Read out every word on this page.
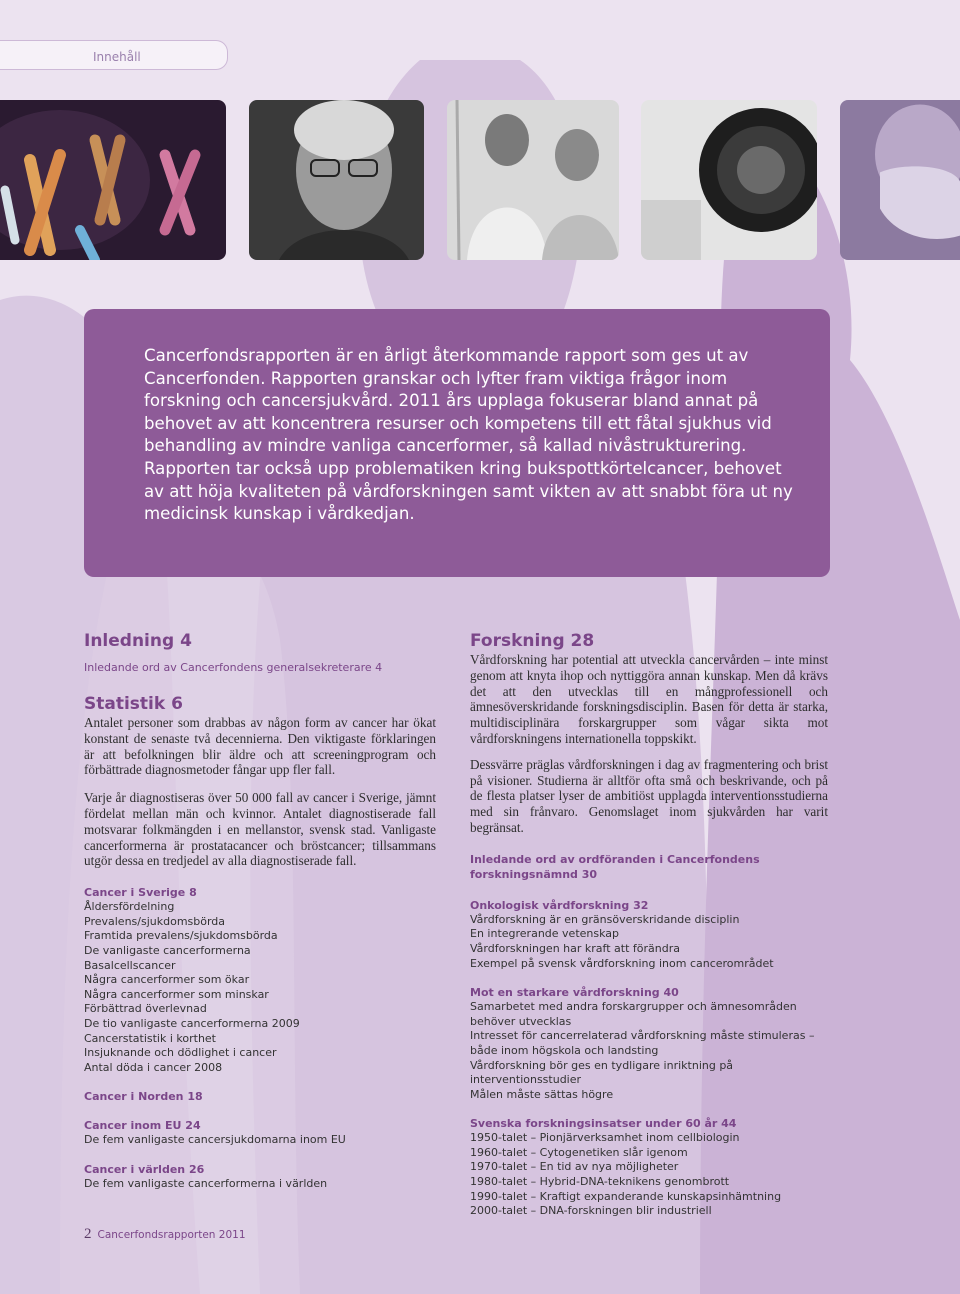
Innehåll

Cancerfondsrapporten är en årligt återkommande rapport som ges ut av Cancerfonden. Rapporten granskar och lyfter fram viktiga frågor inom forskning och cancersjukvård. 2011 års upplaga fokuserar bland annat på behovet av att koncentrera resurser och kompetens till ett fåtal sjukhus vid behandling av mindre vanliga cancerformer, så kallad nivåstrukturering. Rapporten tar också upp problematiken kring bukspottkörtelcancer, behovet av att höja kvaliteten på vårdforskningen samt vikten av att snabbt föra ut ny medicinsk kunskap i vårdkedjan.

Inledning 4
Inledande ord av Cancerfondens generalsekreterare 4
Statistik 6

Antalet personer som drabbas av någon form av cancer har ökat konstant de senaste två decennierna. Den viktigaste förklaringen är att befolkningen blir äldre och att screeningprogram och förbättrade diagnosmetoder fångar upp fler fall.

Varje år diagnostiseras över 50 000 fall av cancer i Sverige, jämnt fördelat mellan män och kvinnor. Antalet diagnostiserade fall motsvarar folkmängden i en mellanstor, svensk stad. Vanligaste cancerformerna är prostatacancer och bröstcancer; tillsammans utgör dessa en tredjedel av alla diagnostiserade fall.

Cancer i Sverige 8
Åldersfördelning
Prevalens/sjukdomsbörda
Framtida prevalens/sjukdomsbörda
De vanligaste cancerformerna
Basalcellscancer
Några cancerformer som ökar
Några cancerformer som minskar
Förbättrad överlevnad
De tio vanligaste cancerformerna 2009
Cancerstatistik i korthet
Insjuknande och dödlighet i cancer
Antal döda i cancer 2008
Cancer i Norden 18
Cancer inom EU 24
De fem vanligaste cancersjukdomarna inom EU
Cancer i världen 26
De fem vanligaste cancerformerna i världen
Forskning 28

Vårdforskning har potential att utveckla cancervården – inte minst genom att knyta ihop och nyttiggöra annan kunskap. Men då krävs det att den utvecklas till en mångprofessionell och ämnesöverskridande forskningsdisciplin. Basen för detta är starka, multidisciplinära forskargrupper som vågar sikta mot vårdforskningens internationella toppskikt.

Dessvärre präglas vårdforskningen i dag av fragmentering och brist på visioner. Studierna är alltför ofta små och beskrivande, och på de flesta platser lyser de ambitiöst upplagda interventionsstudierna med sin frånvaro. Genomslaget inom sjukvården har varit begränsat.

Inledande ord av ordföranden i Cancerfondens forskningsnämnd 30
Onkologisk vårdforskning 32
Vårdforskning är en gränsöverskridande disciplin
En integrerande vetenskap
Vårdforskningen har kraft att förändra
Exempel på svensk vårdforskning inom cancerområdet
Mot en starkare vårdforskning 40
Samarbetet med andra forskargrupper och ämnesområden behöver utvecklas
Intresset för cancerrelaterad vårdforskning måste stimuleras – både inom högskola och landsting
Vårdforskning bör ges en tydligare inriktning på interventionsstudier
Målen måste sättas högre
Svenska forskningsinsatser under 60 år 44
1950-talet – Pionjärverksamhet inom cellbiologin
1960-talet – Cytogenetiken slår igenom
1970-talet – En tid av nya möjligheter
1980-talet – Hybrid-DNA-teknikens genombrott
1990-talet – Kraftigt expanderande kunskapsinhämtning
2000-talet – DNA-forskningen blir industriell
2 Cancerfondsrapporten 2011
